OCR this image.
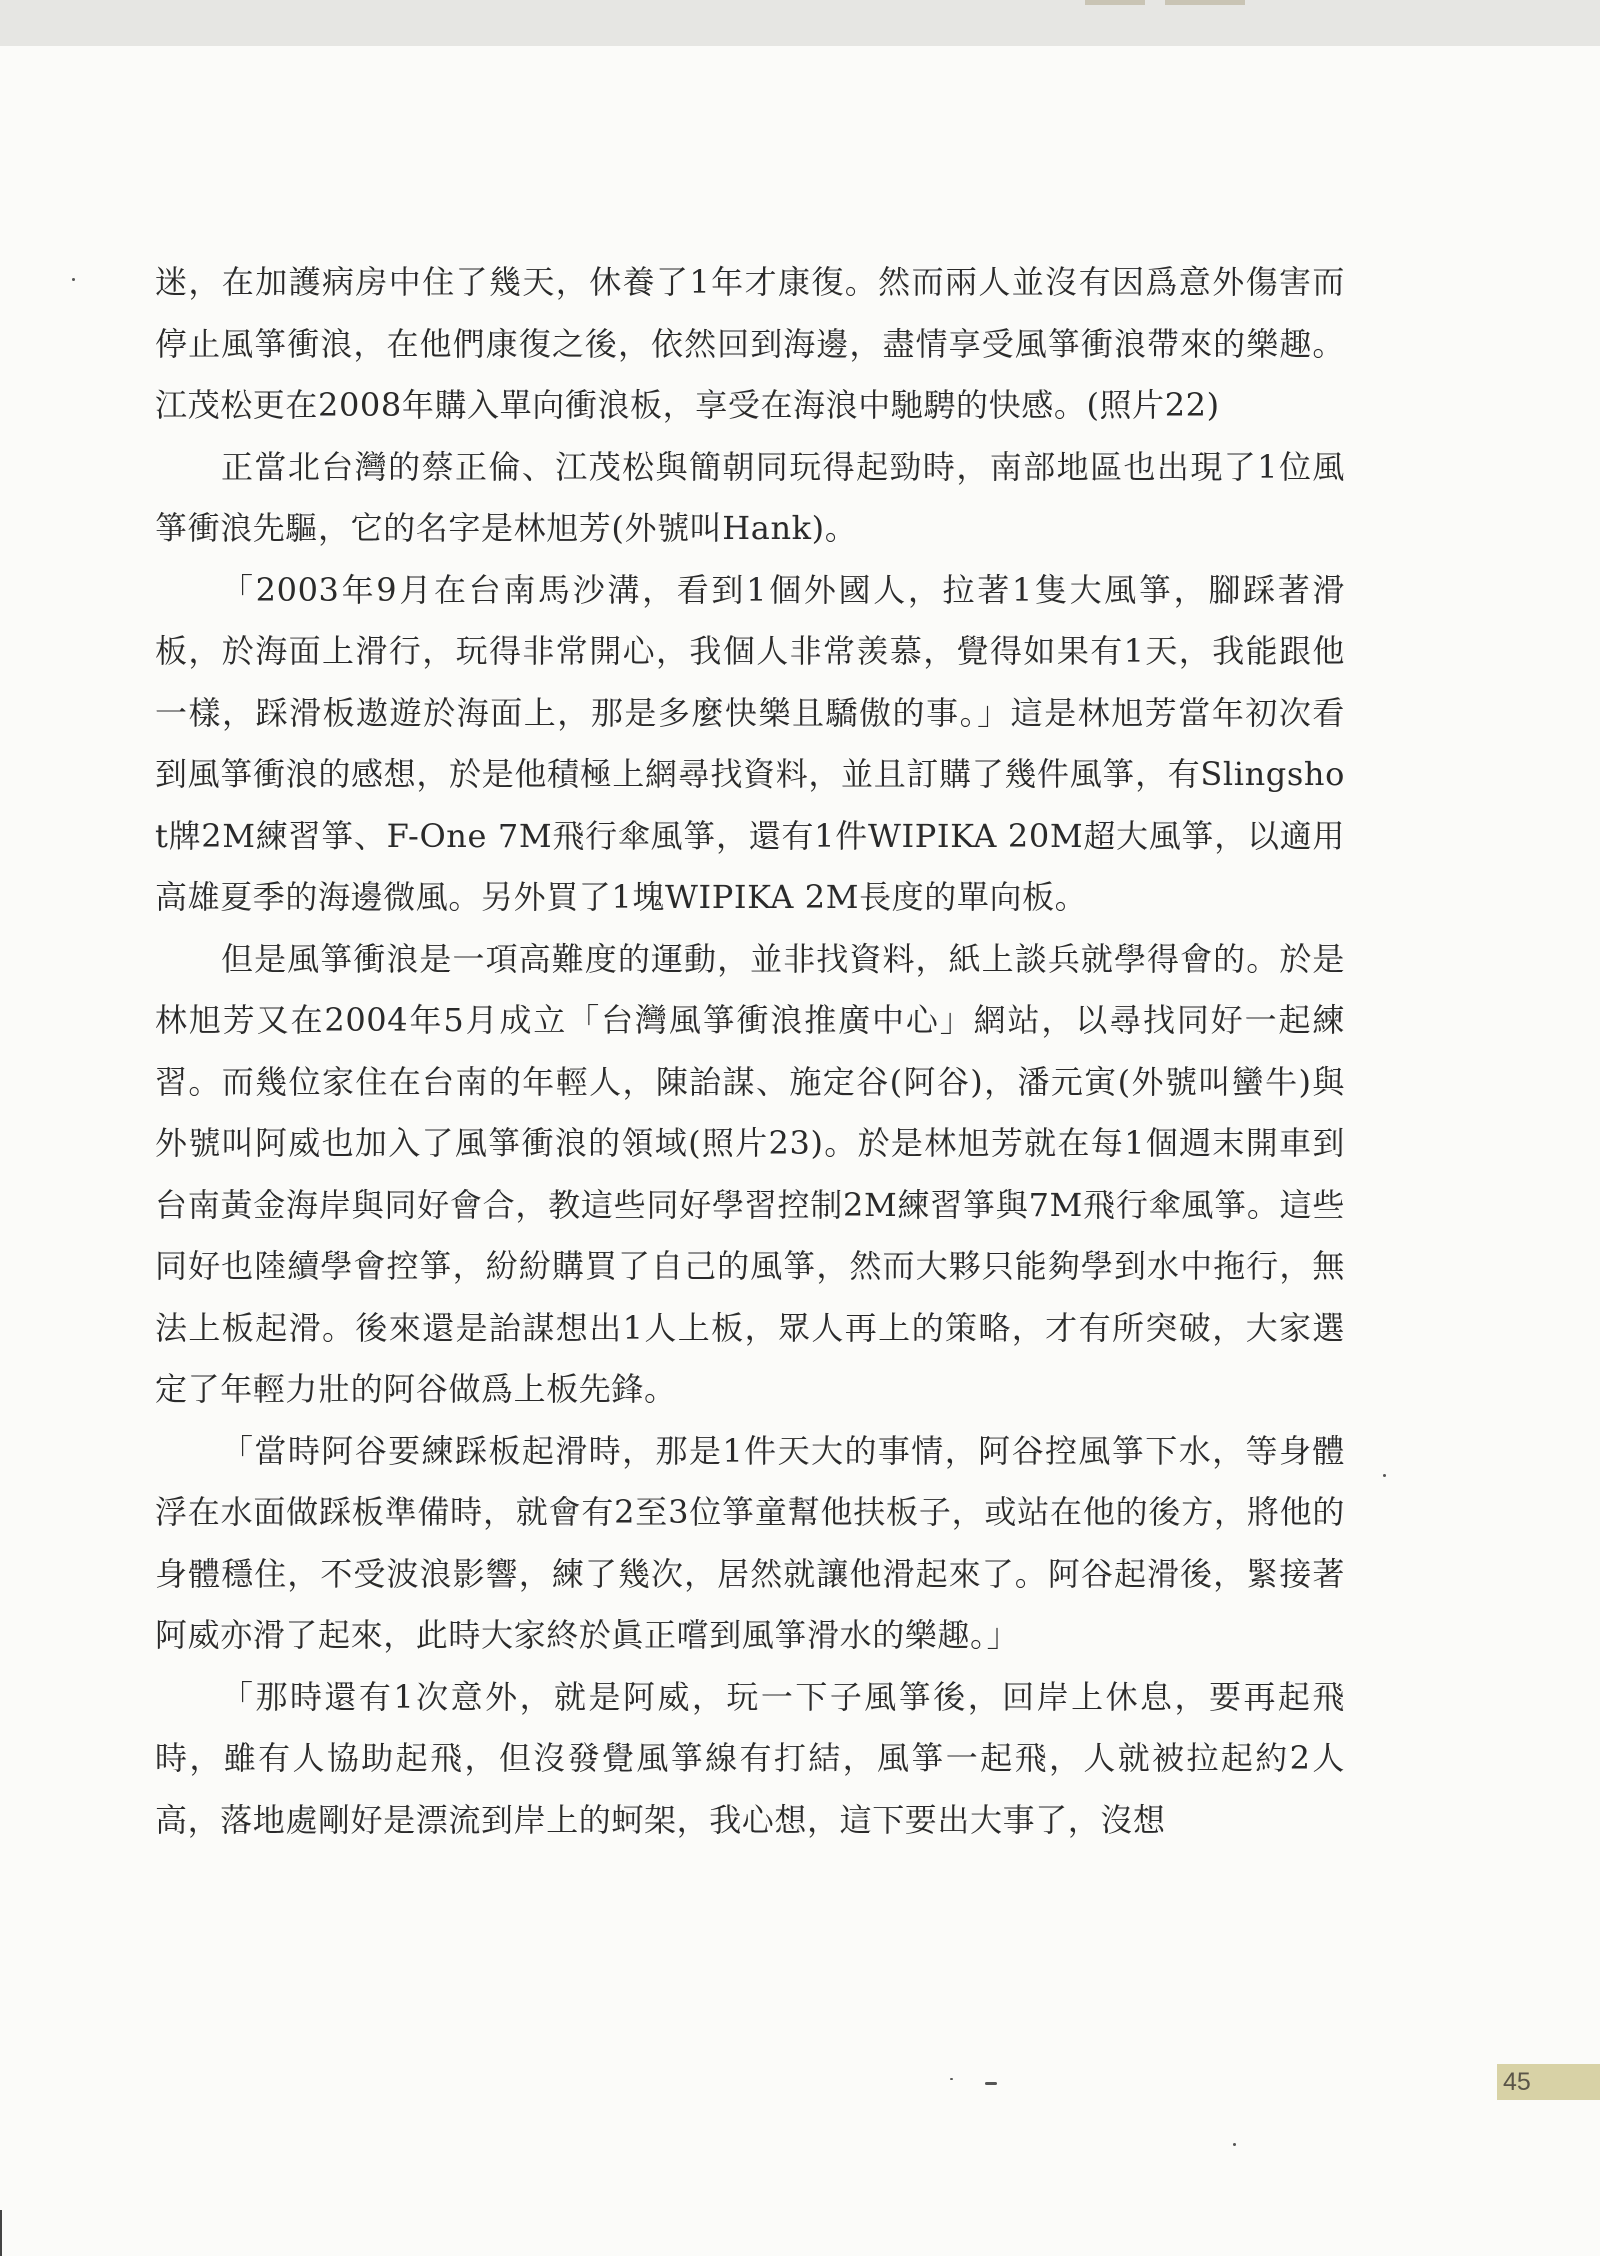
迷，在加護病房中住了幾天，休養了1年才康復。然而兩人並沒有因爲意外傷害而停止風箏衝浪，在他們康復之後，依然回到海邊，盡情享受風箏衝浪帶來的樂趣。江茂松更在2008年購入單向衝浪板，享受在海浪中馳騁的快感。(照片22)

正當北台灣的蔡正倫、江茂松與簡朝同玩得起勁時，南部地區也出現了1位風箏衝浪先驅，它的名字是林旭芳(外號叫Hank)。

「2003年9月在台南馬沙溝，看到1個外國人，拉著1隻大風箏，腳踩著滑板，於海面上滑行，玩得非常開心，我個人非常羡慕，覺得如果有1天，我能跟他一樣，踩滑板遨遊於海面上，那是多麼快樂且驕傲的事。」這是林旭芳當年初次看到風箏衝浪的感想，於是他積極上網尋找資料，並且訂購了幾件風箏，有Slingshot牌2M練習箏、F-One 7M飛行傘風箏，還有1件WIPIKA 20M超大風箏，以適用高雄夏季的海邊微風。另外買了1塊WIPIKA 2M長度的單向板。

但是風箏衝浪是一項高難度的運動，並非找資料，紙上談兵就學得會的。於是林旭芳又在2004年5月成立「台灣風箏衝浪推廣中心」網站，以尋找同好一起練習。而幾位家住在台南的年輕人，陳詒謀、施定谷(阿谷)，潘元寅(外號叫蠻牛)與外號叫阿威也加入了風箏衝浪的領域(照片23)。於是林旭芳就在每1個週末開車到台南黃金海岸與同好會合，教這些同好學習控制2M練習箏與7M飛行傘風箏。這些同好也陸續學會控箏，紛紛購買了自己的風箏，然而大夥只能夠學到水中拖行，無法上板起滑。後來還是詒謀想出1人上板，眾人再上的策略，才有所突破，大家選定了年輕力壯的阿谷做爲上板先鋒。

「當時阿谷要練踩板起滑時，那是1件天大的事情，阿谷控風箏下水，等身體浮在水面做踩板準備時，就會有2至3位箏童幫他扶板子，或站在他的後方，將他的身體穩住，不受波浪影響，練了幾次，居然就讓他滑起來了。阿谷起滑後，緊接著阿威亦滑了起來，此時大家終於眞正嚐到風箏滑水的樂趣。」

「那時還有1次意外，就是阿威，玩一下子風箏後，回岸上休息，要再起飛時，雖有人協助起飛，但沒發覺風箏線有打結，風箏一起飛，人就被拉起約2人高，落地處剛好是漂流到岸上的蚵架，我心想，這下要出大事了，沒想

45
